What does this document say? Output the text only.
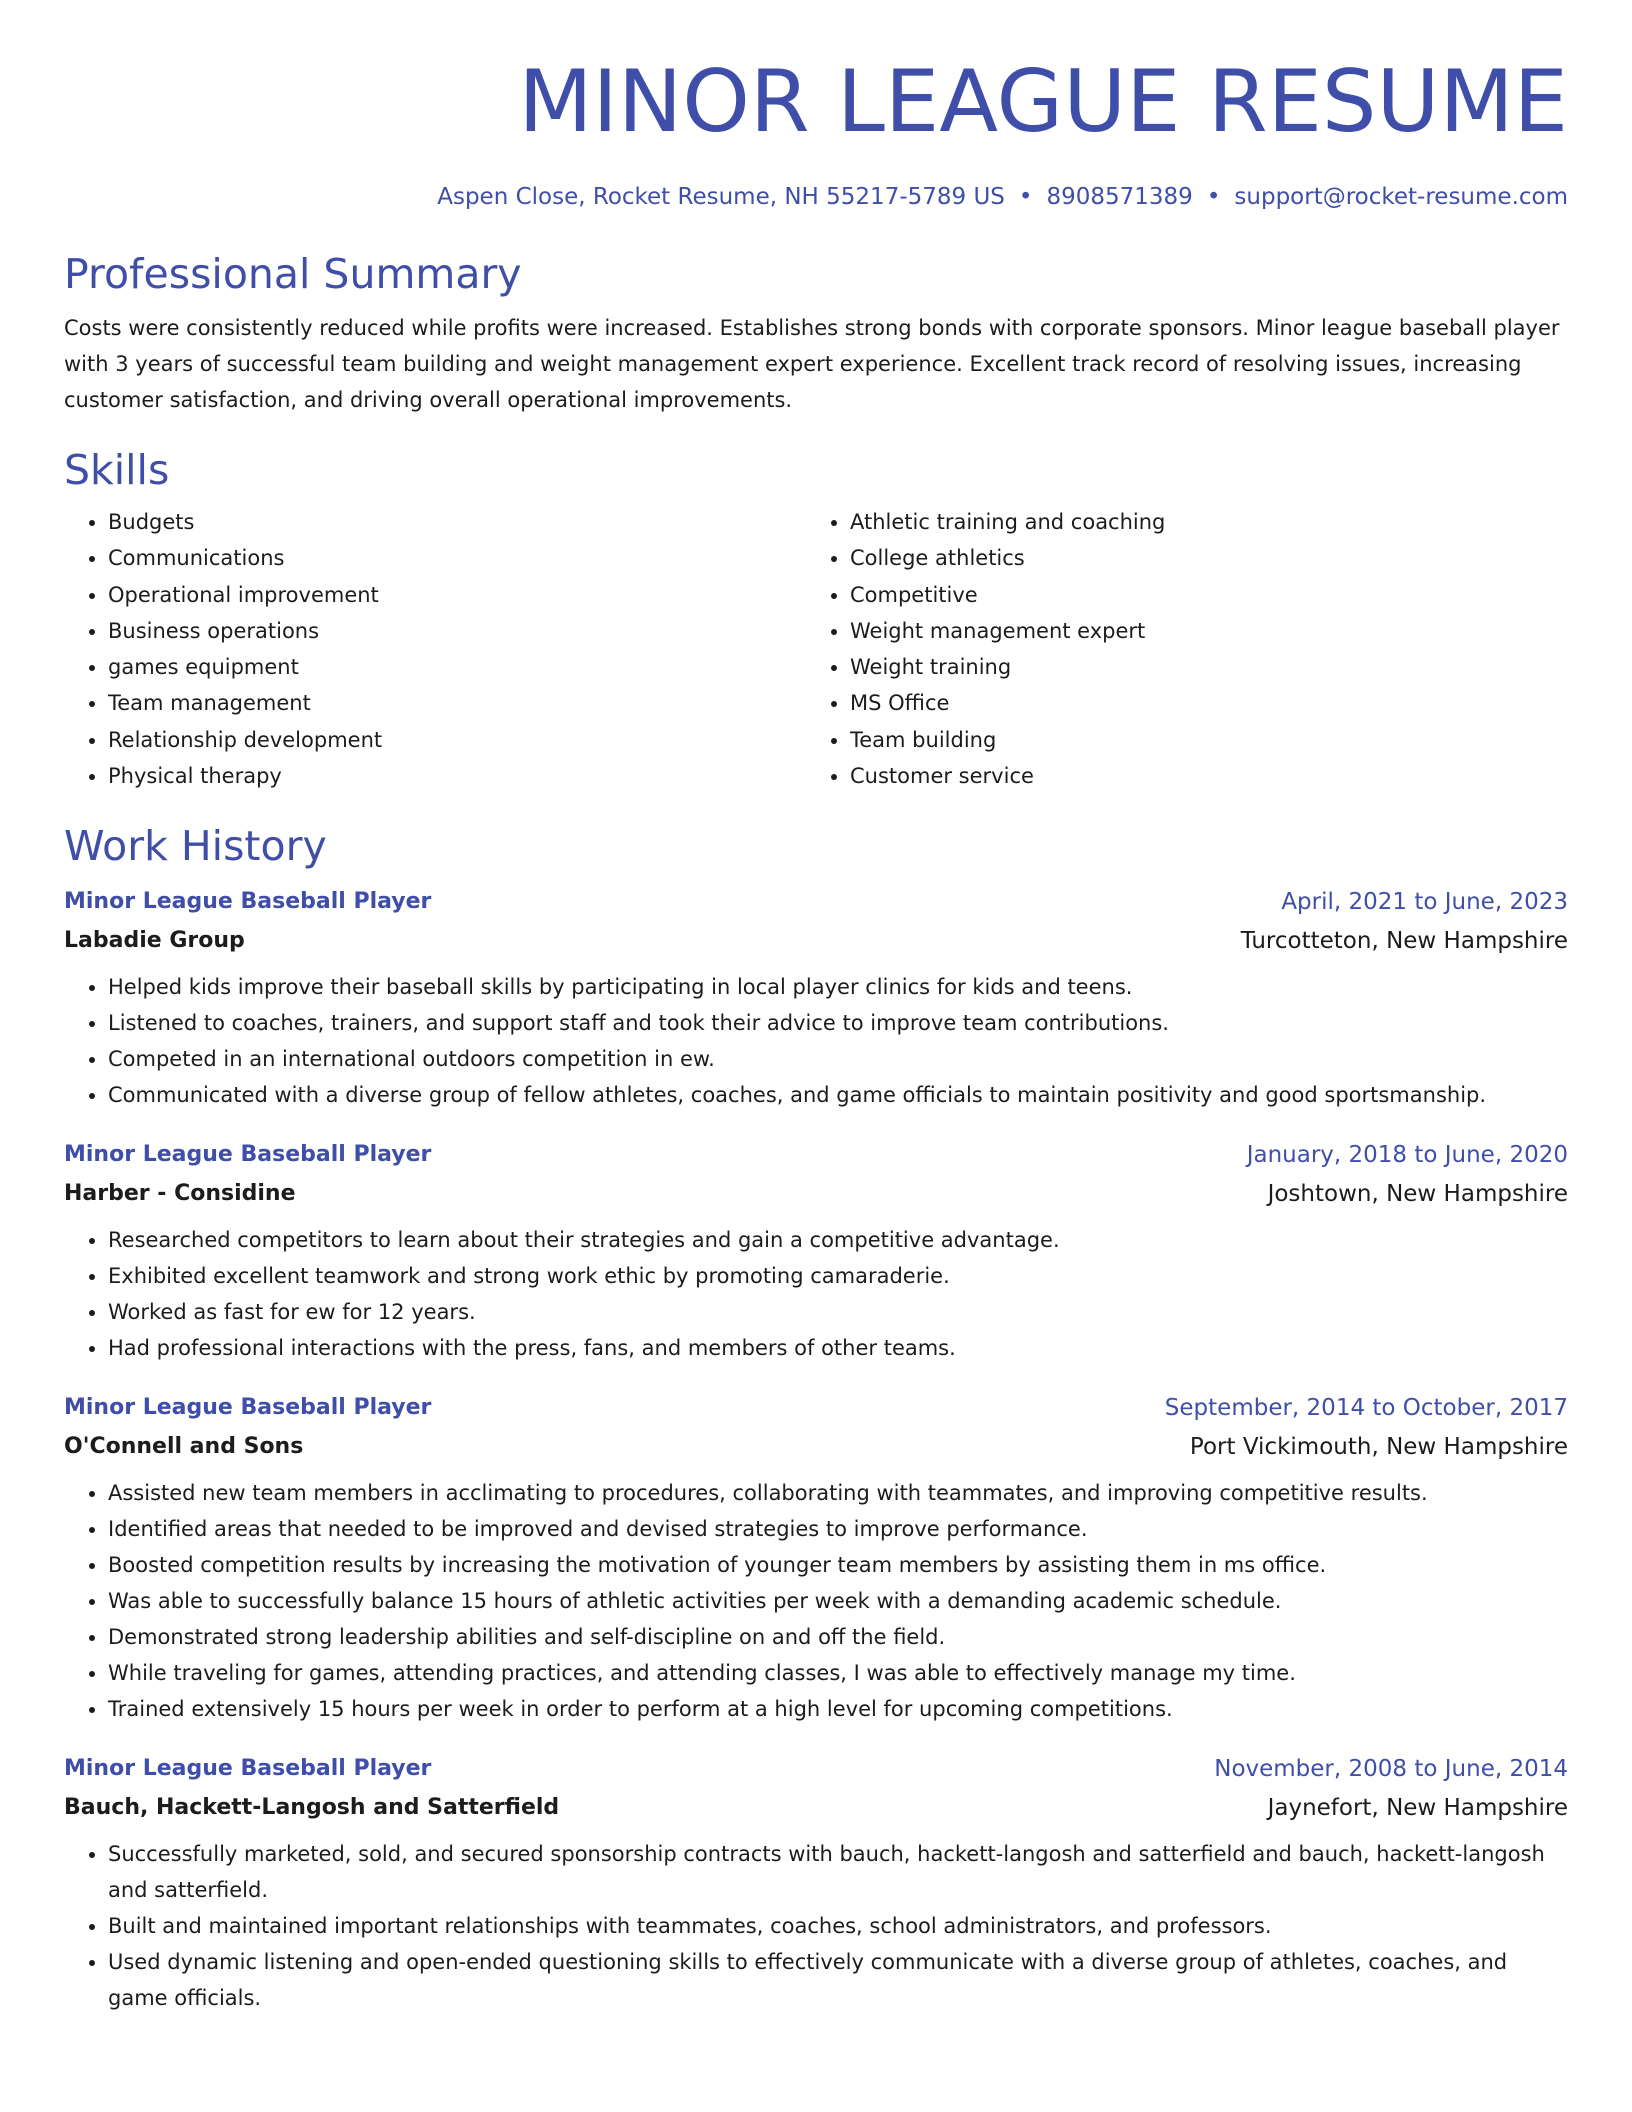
MINOR LEAGUE RESUME
Aspen Close, Rocket Resume, NH 55217-5789 US • 8908571389 • support@rocket-resume.com
Professional Summary
Costs were consistently reduced while profits were increased. Establishes strong bonds with corporate sponsors. Minor league baseball player with 3 years of successful team building and weight management expert experience. Excellent track record of resolving issues, increasing customer satisfaction, and driving overall operational improvements.
Skills
• Budgets
• Communications
• Operational improvement
• Business operations
• games equipment
• Team management
• Relationship development
• Physical therapy
• Athletic training and coaching
• College athletics
• Competitive
• Weight management expert
• Weight training
• MS Office
• Team building
• Customer service
Work History
Minor League Baseball Player	April, 2021 to June, 2023
Labadie Group	Turcotteton, New Hampshire
• Helped kids improve their baseball skills by participating in local player clinics for kids and teens.
• Listened to coaches, trainers, and support staff and took their advice to improve team contributions.
• Competed in an international outdoors competition in ew.
• Communicated with a diverse group of fellow athletes, coaches, and game officials to maintain positivity and good sportsmanship.
Minor League Baseball Player	January, 2018 to June, 2020
Harber - Considine	Joshtown, New Hampshire
• Researched competitors to learn about their strategies and gain a competitive advantage.
• Exhibited excellent teamwork and strong work ethic by promoting camaraderie.
• Worked as fast for ew for 12 years.
• Had professional interactions with the press, fans, and members of other teams.
Minor League Baseball Player	September, 2014 to October, 2017
O'Connell and Sons	Port Vickimouth, New Hampshire
• Assisted new team members in acclimating to procedures, collaborating with teammates, and improving competitive results.
• Identified areas that needed to be improved and devised strategies to improve performance.
• Boosted competition results by increasing the motivation of younger team members by assisting them in ms office.
• Was able to successfully balance 15 hours of athletic activities per week with a demanding academic schedule.
• Demonstrated strong leadership abilities and self-discipline on and off the field.
• While traveling for games, attending practices, and attending classes, I was able to effectively manage my time.
• Trained extensively 15 hours per week in order to perform at a high level for upcoming competitions.
Minor League Baseball Player	November, 2008 to June, 2014
Bauch, Hackett-Langosh and Satterfield	Jaynefort, New Hampshire
• Successfully marketed, sold, and secured sponsorship contracts with bauch, hackett-langosh and satterfield and bauch, hackett-langosh and satterfield.
• Built and maintained important relationships with teammates, coaches, school administrators, and professors.
• Used dynamic listening and open-ended questioning skills to effectively communicate with a diverse group of athletes, coaches, and game officials.
